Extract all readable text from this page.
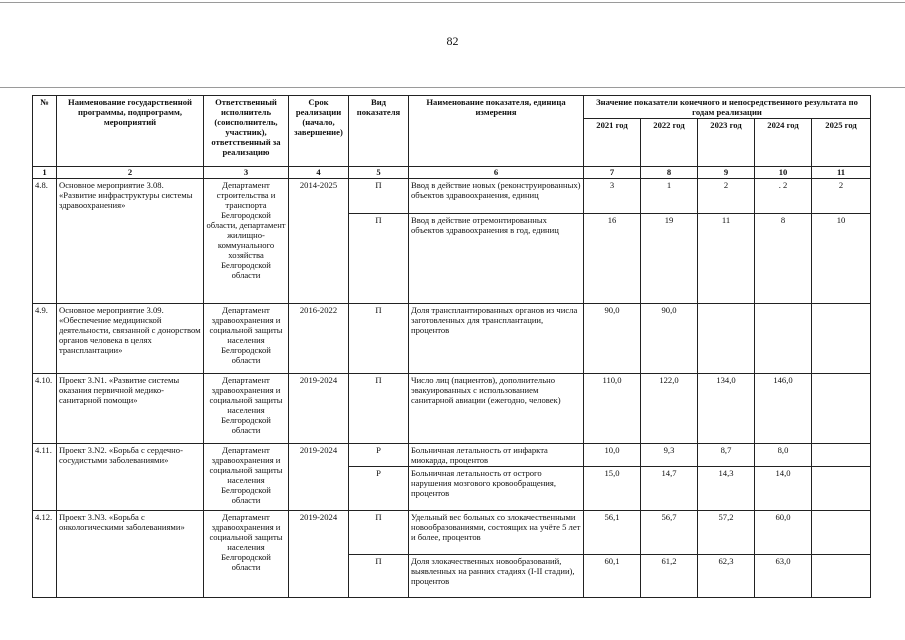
82
№	Наименование государственной программы, подпрограмм, мероприятий	Ответственный исполнитель (соисполнитель, участник), ответственный за реализацию	Срок реализации (начало, завершение)	Вид показателя	Наименование показателя, единица измерения	Значение показатели конечного и непосредственного результата по годам реализации				
						2021 год	2022 год	2023 год	2024 год	2025 год
1	2	3	4	5	6	7	8	9	10	11
4.8.	Основное мероприятие 3.08. «Развитие инфраструктуры системы здравоохранения»	Департамент строительства и транспорта Белгородской области, департамент жилищно-коммунального хозяйства Белгородской области	2014-2025	П	Ввод в действие новых (реконструированных) объектов здравоохранения, единиц	3	1	2	. 2	2
				П	Ввод в действие отремонтированных объектов здравоохранения в год, единиц	16	19	11	8	10
4.9.	Основное мероприятие 3.09. «Обеспечение медицинской деятельности, связанной с донорством органов человека в целях трансплантации»	Департамент здравоохранения и социальной защиты населения Белгородской области	2016-2022	П	Доля трансплантированных органов из числа заготовленных для трансплантации, процентов	90,0	90,0			
4.10.	Проект 3.N1. «Развитие системы оказания первичной медико-санитарной помощи»	Департамент здравоохранения и социальной защиты населения Белгородской области	2019-2024	П	Число лиц (пациентов), дополнительно эвакуированных с использованием санитарной авиации (ежегодно, человек)	110,0	122,0	134,0	146,0	
4.11.	Проект 3.N2. «Борьба с сердечно-сосудистыми заболеваниями»	Департамент здравоохранения и социальной защиты населения Белгородской области	2019-2024	Р	Больничная летальность от инфаркта миокарда, процентов	10,0	9,3	8,7	8,0	
				Р	Больничная летальность от острого нарушения мозгового кровообращения, процентов	15,0	14,7	14,3	14,0	
4.12.	Проект 3.N3. «Борьба с онкологическими заболеваниями»	Департамент здравоохранения и социальной защиты населения Белгородской области	2019-2024	П	Удельный вес больных со злокачественными новообразованиями, состоящих на учёте 5 лет и более, процентов	56,1	56,7	57,2	60,0	
				П	Доля злокачественных новообразований, выявленных на ранних стадиях (I-II стадии), процентов	60,1	61,2	62,3	63,0	
